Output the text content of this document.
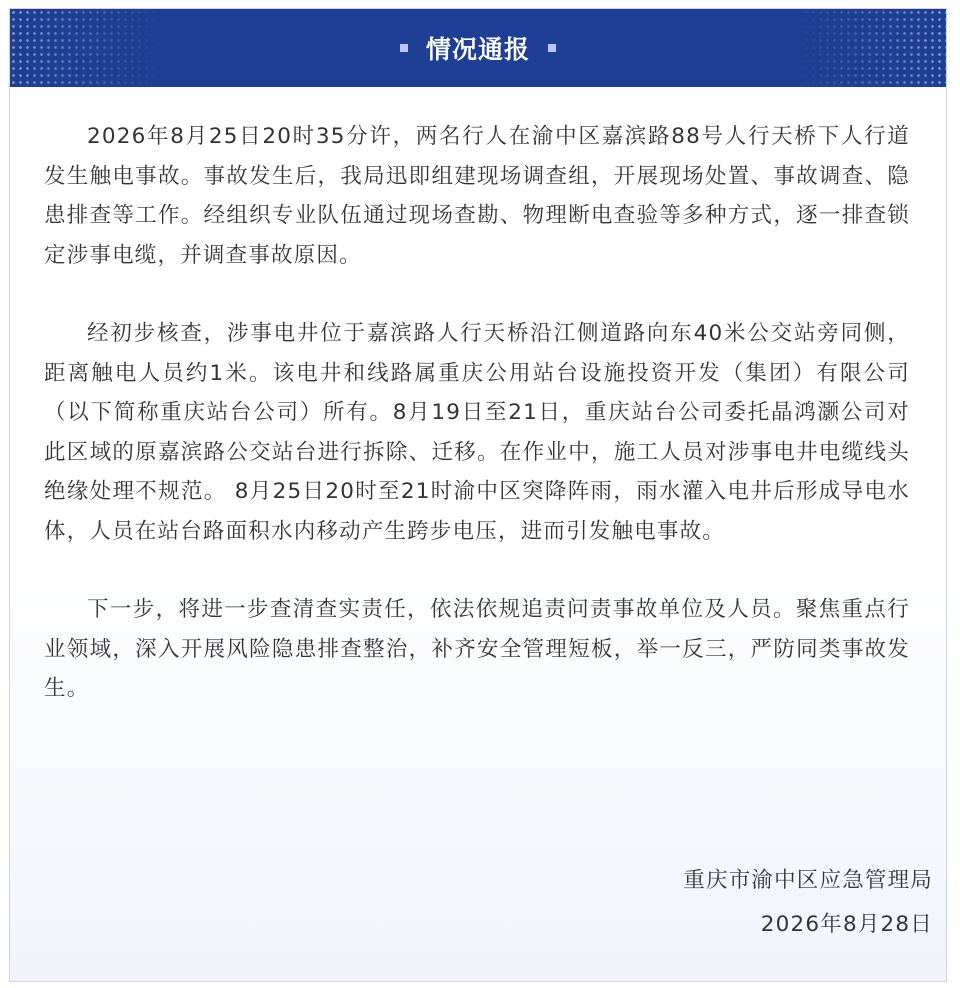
情况通报

2026年8月25日20时35分许，两名行人在渝中区嘉滨路88号人行天桥下人行道发生触电事故。事故发生后，我局迅即组建现场调查组，开展现场处置、事故调查、隐患排查等工作。经组织专业队伍通过现场查勘、物理断电查验等多种方式，逐一排查锁定涉事电缆，并调查事故原因。

经初步核查，涉事电井位于嘉滨路人行天桥沿江侧道路向东40米公交站旁同侧，距离触电人员约1米。该电井和线路属重庆公用站台设施投资开发（集团）有限公司（以下简称重庆站台公司）所有。8月19日至21日，重庆站台公司委托晶鸿灏公司对此区域的原嘉滨路公交站台进行拆除、迁移。在作业中，施工人员对涉事电井电缆线头绝缘处理不规范。 8月25日20时至21时渝中区突降阵雨，雨水灌入电井后形成导电水体，人员在站台路面积水内移动产生跨步电压，进而引发触电事故。

下一步，将进一步查清查实责任，依法依规追责问责事故单位及人员。聚焦重点行业领域，深入开展风险隐患排查整治，补齐安全管理短板，举一反三，严防同类事故发生。

重庆市渝中区应急管理局
2026年8月28日
